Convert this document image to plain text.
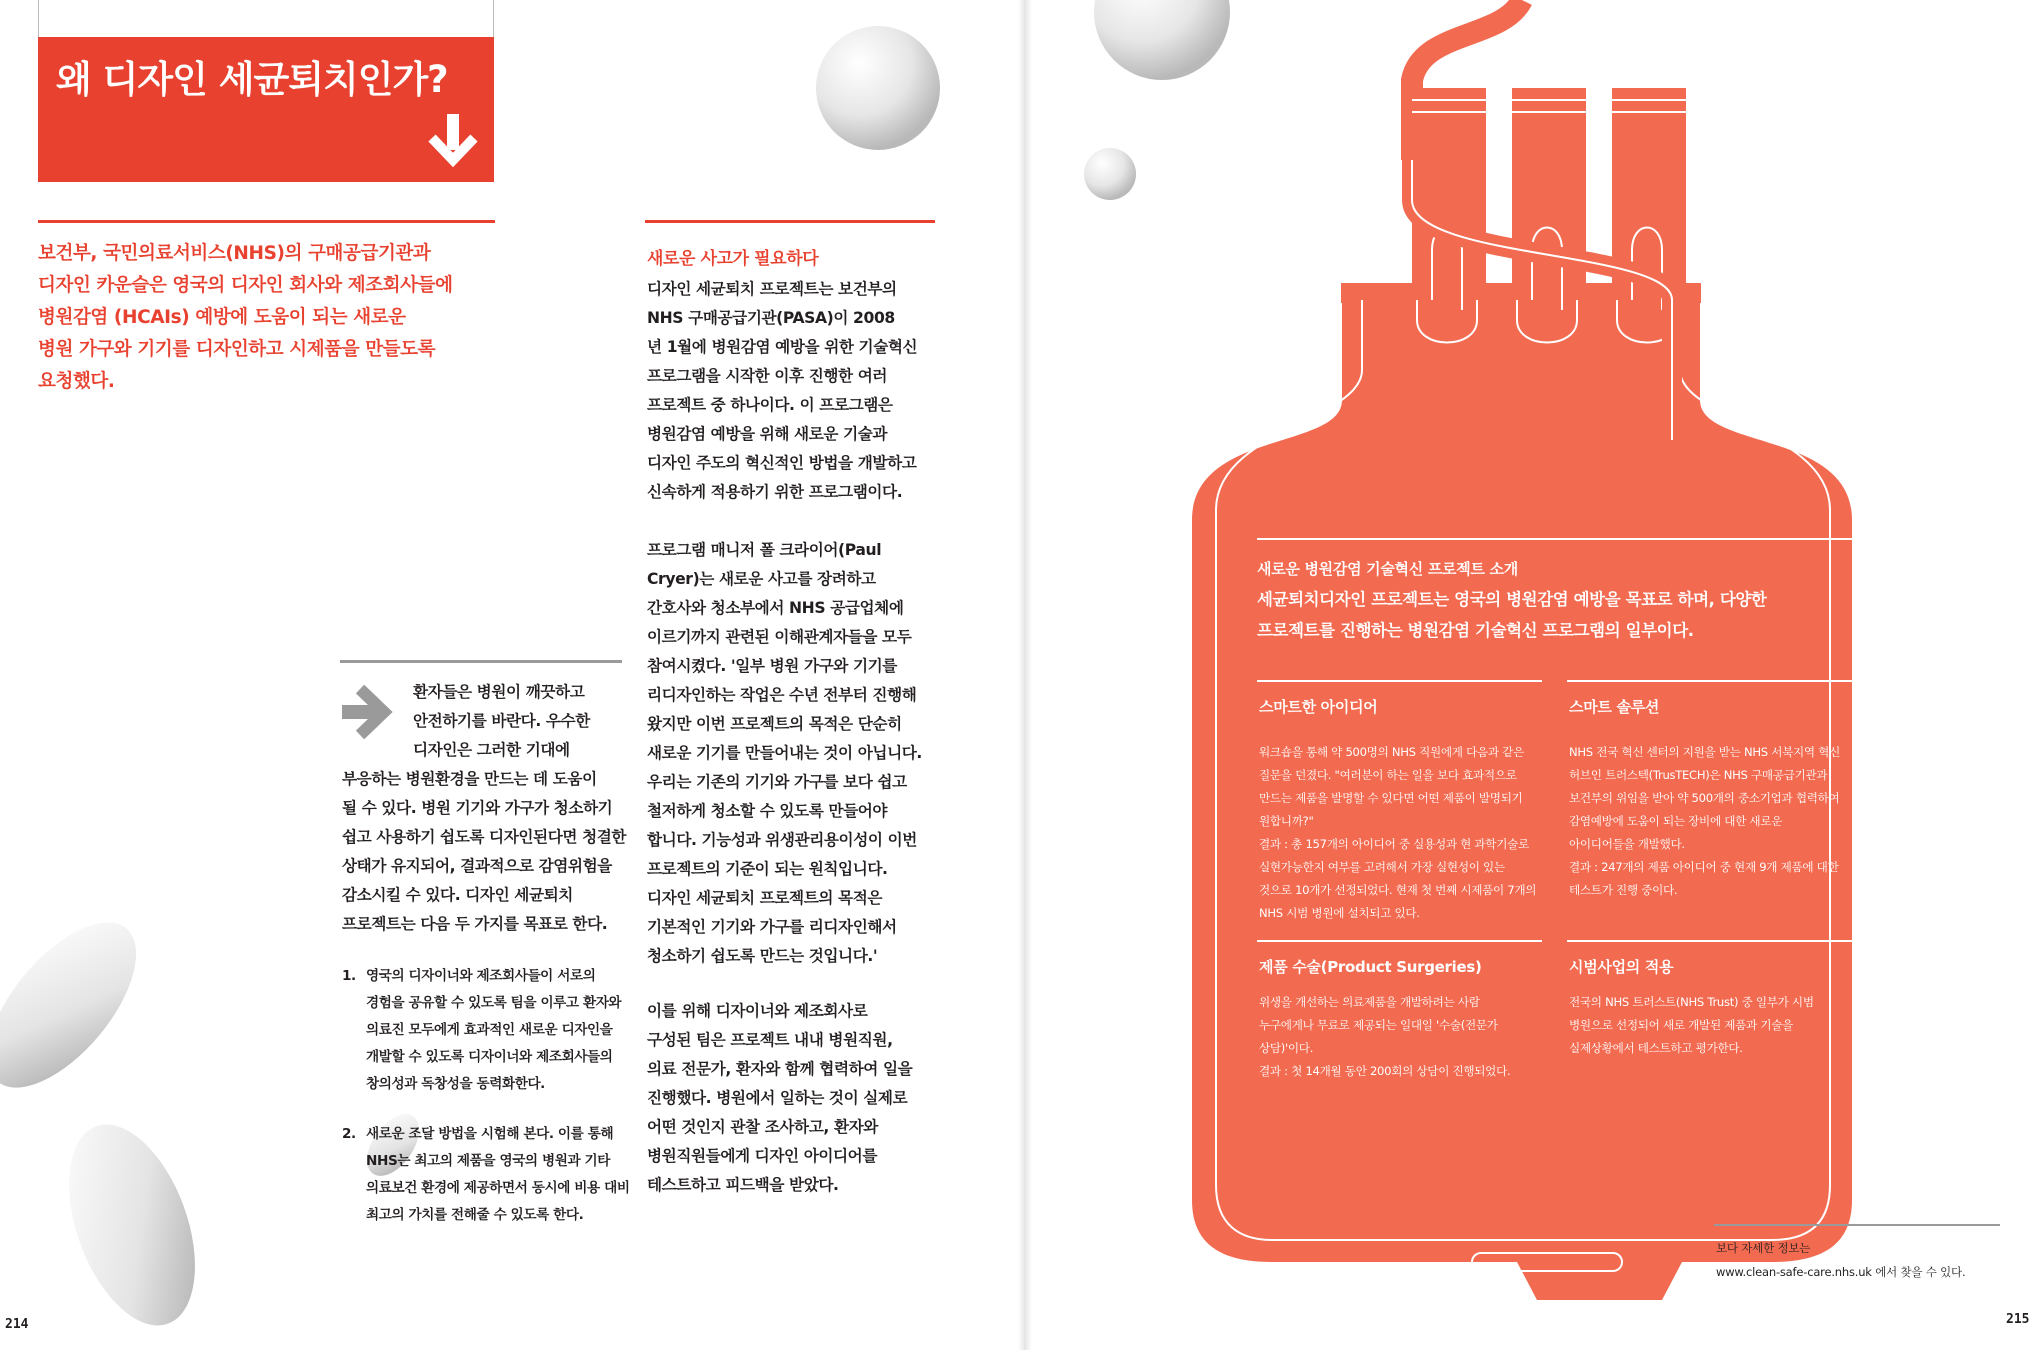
왜 디자인 세균퇴치인가?
보건부, 국민의료서비스(NHS)의 구매공급기관과
디자인 카운슬은 영국의 디자인 회사와 제조회사들에
병원감염 (HCAIs) 예방에 도움이 되는 새로운
병원 가구와 기기를 디자인하고 시제품을 만들도록
요청했다.
환자들은 병원이 깨끗하고
안전하기를 바란다. 우수한
디자인은 그러한 기대에
부응하는 병원환경을 만드는 데 도움이
될 수 있다. 병원 기기와 가구가 청소하기
쉽고 사용하기 쉽도록 디자인된다면 청결한
상태가 유지되어, 결과적으로 감염위험을
감소시킬 수 있다. 디자인 세균퇴치
프로젝트는 다음 두 가지를 목표로 한다.
1. 영국의 디자이너와 제조회사들이 서로의
경험을 공유할 수 있도록 팀을 이루고 환자와
의료진 모두에게 효과적인 새로운 디자인을
개발할 수 있도록 디자이너와 제조회사들의
창의성과 독창성을 동력화한다.
2. 새로운 조달 방법을 시험해 본다. 이를 통해
NHS는 최고의 제품을 영국의 병원과 기타
의료보건 환경에 제공하면서 동시에 비용 대비
최고의 가치를 전해줄 수 있도록 한다.
새로운 사고가 필요하다
디자인 세균퇴치 프로젝트는 보건부의
NHS 구매공급기관(PASA)이 2008
년 1월에 병원감염 예방을 위한 기술혁신
프로그램을 시작한 이후 진행한 여러
프로젝트 중 하나이다. 이 프로그램은
병원감염 예방을 위해 새로운 기술과
디자인 주도의 혁신적인 방법을 개발하고
신속하게 적용하기 위한 프로그램이다.
프로그램 매니저 폴 크라이어(Paul
Cryer)는 새로운 사고를 장려하고
간호사와 청소부에서 NHS 공급업체에
이르기까지 관련된 이해관계자들을 모두
참여시켰다. '일부 병원 가구와 기기를
리디자인하는 작업은 수년 전부터 진행해
왔지만 이번 프로젝트의 목적은 단순히
새로운 기기를 만들어내는 것이 아닙니다.
우리는 기존의 기기와 가구를 보다 쉽고
철저하게 청소할 수 있도록 만들어야
합니다. 기능성과 위생관리용이성이 이번
프로젝트의 기준이 되는 원칙입니다.
디자인 세균퇴치 프로젝트의 목적은
기본적인 기기와 가구를 리디자인해서
청소하기 쉽도록 만드는 것입니다.'
이를 위해 디자이너와 제조회사로
구성된 팀은 프로젝트 내내 병원직원,
의료 전문가, 환자와 함께 협력하여 일을
진행했다. 병원에서 일하는 것이 실제로
어떤 것인지 관찰 조사하고, 환자와
병원직원들에게 디자인 아이디어를
테스트하고 피드백을 받았다.
214
새로운 병원감염 기술혁신 프로젝트 소개
세균퇴치디자인 프로젝트는 영국의 병원감염 예방을 목표로 하며, 다양한
프로젝트를 진행하는 병원감염 기술혁신 프로그램의 일부이다.
스마트한 아이디어
워크숍을 통해 약 500명의 NHS 직원에게 다음과 같은
질문을 던졌다. "여러분이 하는 일을 보다 효과적으로
만드는 제품을 발명할 수 있다면 어떤 제품이 발명되기
원합니까?"
결과 : 총 157개의 아이디어 중 실용성과 현 과학기술로
실현가능한지 여부를 고려해서 가장 실현성이 있는
것으로 10개가 선정되었다. 현재 첫 번째 시제품이 7개의
NHS 시범 병원에 설치되고 있다.
스마트 솔루션
NHS 전국 혁신 센터의 지원을 받는 NHS 서북지역 혁신
허브인 트러스텍(TrusTECH)은 NHS 구매공급기관과
보건부의 위임을 받아 약 500개의 중소기업과 협력하여
감염예방에 도움이 되는 장비에 대한 새로운
아이디어들을 개발했다.
결과 : 247개의 제품 아이디어 중 현재 9개 제품에 대한
테스트가 진행 중이다.
제품 수술(Product Surgeries)
위생을 개선하는 의료제품을 개발하려는 사람
누구에게나 무료로 제공되는 일대일 '수술(전문가
상담)'이다.
결과 : 첫 14개월 동안 200회의 상담이 진행되었다.
시범사업의 적용
전국의 NHS 트러스트(NHS Trust) 중 일부가 시범
병원으로 선정되어 새로 개발된 제품과 기술을
실제상황에서 테스트하고 평가한다.
보다 자세한 정보는
www.clean-safe-care.nhs.uk 에서 찾을 수 있다.
215
